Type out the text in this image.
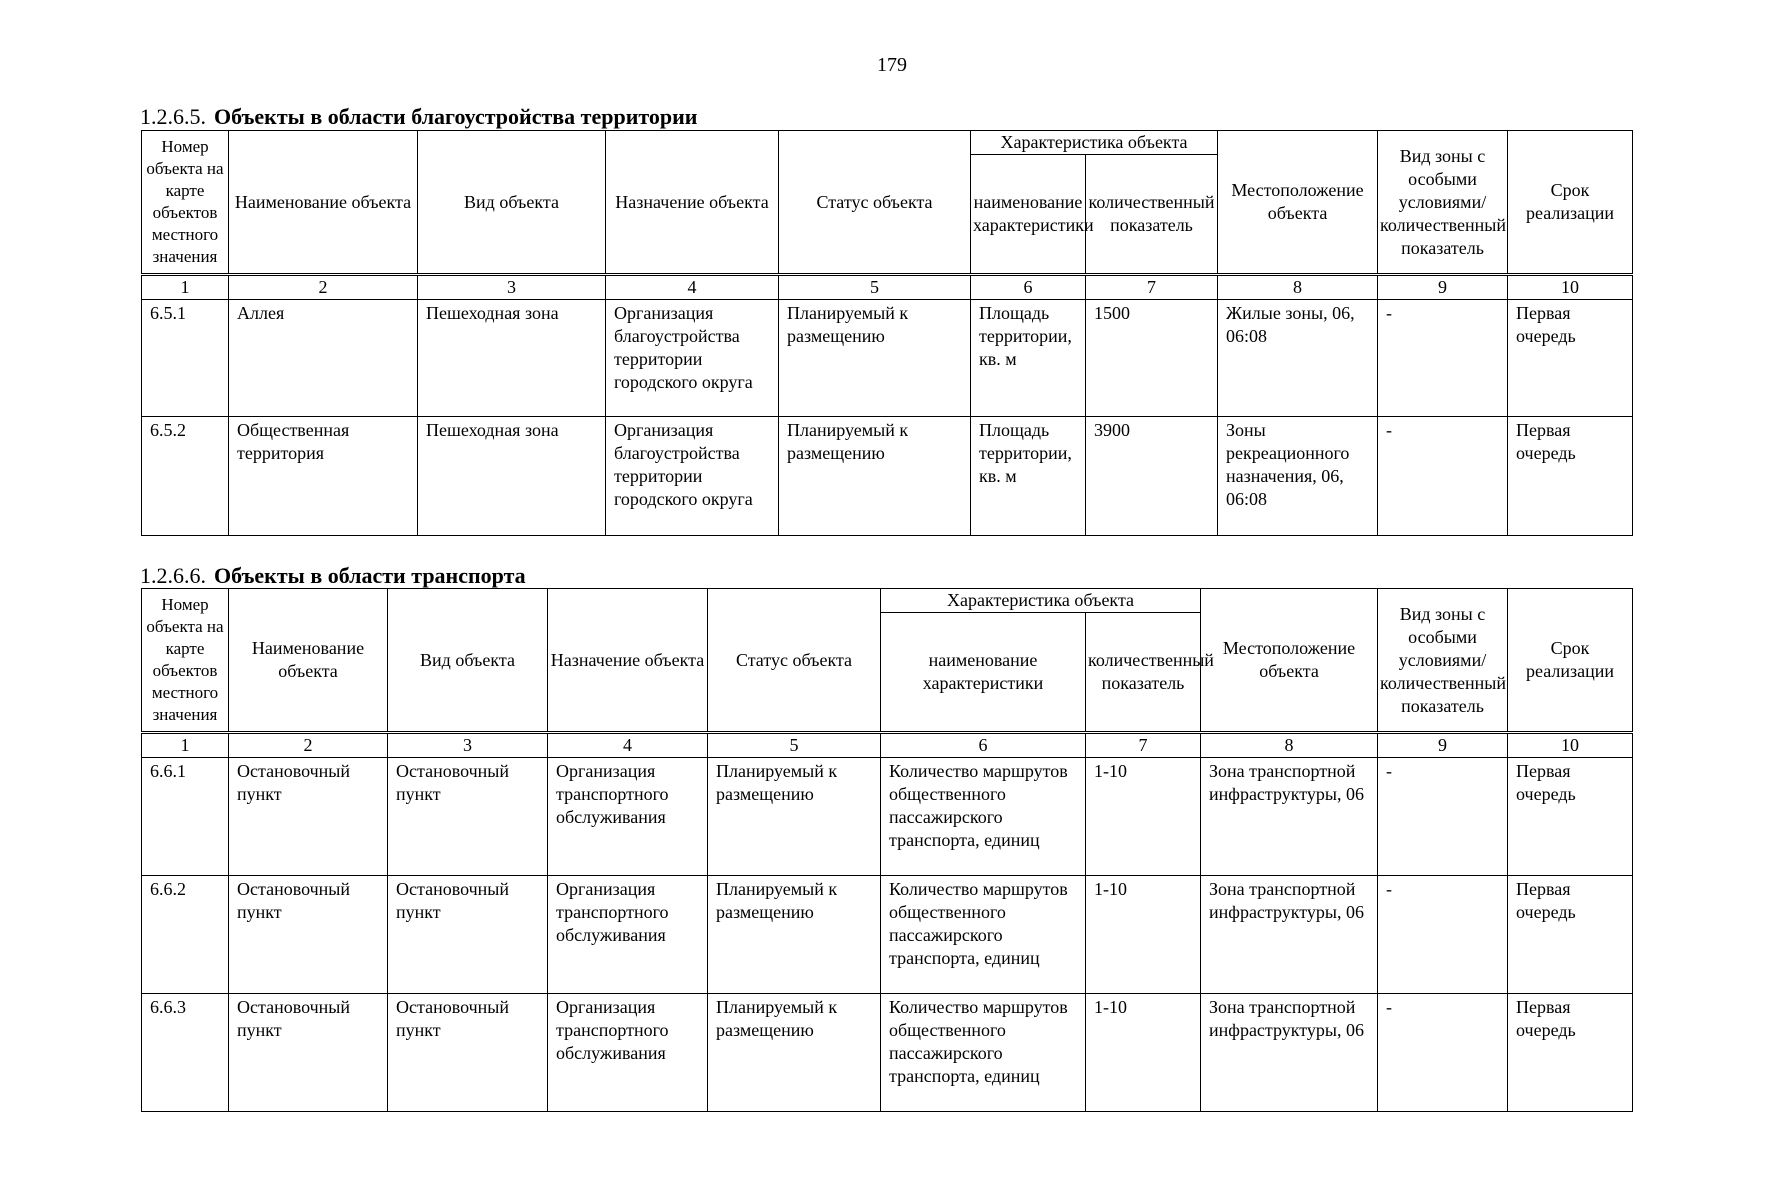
179
1.2.6.5. Объекты в области благоустройства территории
Номер объекта на карте объектов местного значения	Наименование объекта	Вид объекта	Назначение объекта	Статус объекта	Характеристика объекта		Местоположение объекта	Вид зоны с особыми условиями/ количественный показатель	Срок реализации
					наименование характеристики	количественный показатель			
1	2	3	4	5	6	7	8	9	10
6.5.1	Аллея	Пешеходная зона	Организация благоустройства территории городского округа	Планируемый к размещению	Площадь территории, кв. м	1500	Жилые зоны, 06, 06:08	-	Первая очередь
6.5.2	Общественная территория	Пешеходная зона	Организация благоустройства территории городского округа	Планируемый к размещению	Площадь территории, кв. м	3900	Зоны рекреационного назначения, 06, 06:08	-	Первая очередь
1.2.6.6. Объекты в области транспорта
Номер объекта на карте объектов местного значения	Наименование объекта	Вид объекта	Назначение объекта	Статус объекта	Характеристика объекта		Местоположение объекта	Вид зоны с особыми условиями/ количественный показатель	Срок реализации
					наименование характеристики	количественный показатель			
1	2	3	4	5	6	7	8	9	10
6.6.1	Остановочный пункт	Остановочный пункт	Организация транспортного обслуживания	Планируемый к размещению	Количество маршрутов общественного пассажирского транспорта, единиц	1-10	Зона транспортной инфраструктуры, 06	-	Первая очередь
6.6.2	Остановочный пункт	Остановочный пункт	Организация транспортного обслуживания	Планируемый к размещению	Количество маршрутов общественного пассажирского транспорта, единиц	1-10	Зона транспортной инфраструктуры, 06	-	Первая очередь
6.6.3	Остановочный пункт	Остановочный пункт	Организация транспортного обслуживания	Планируемый к размещению	Количество маршрутов общественного пассажирского транспорта, единиц	1-10	Зона транспортной инфраструктуры, 06	-	Первая очередь
